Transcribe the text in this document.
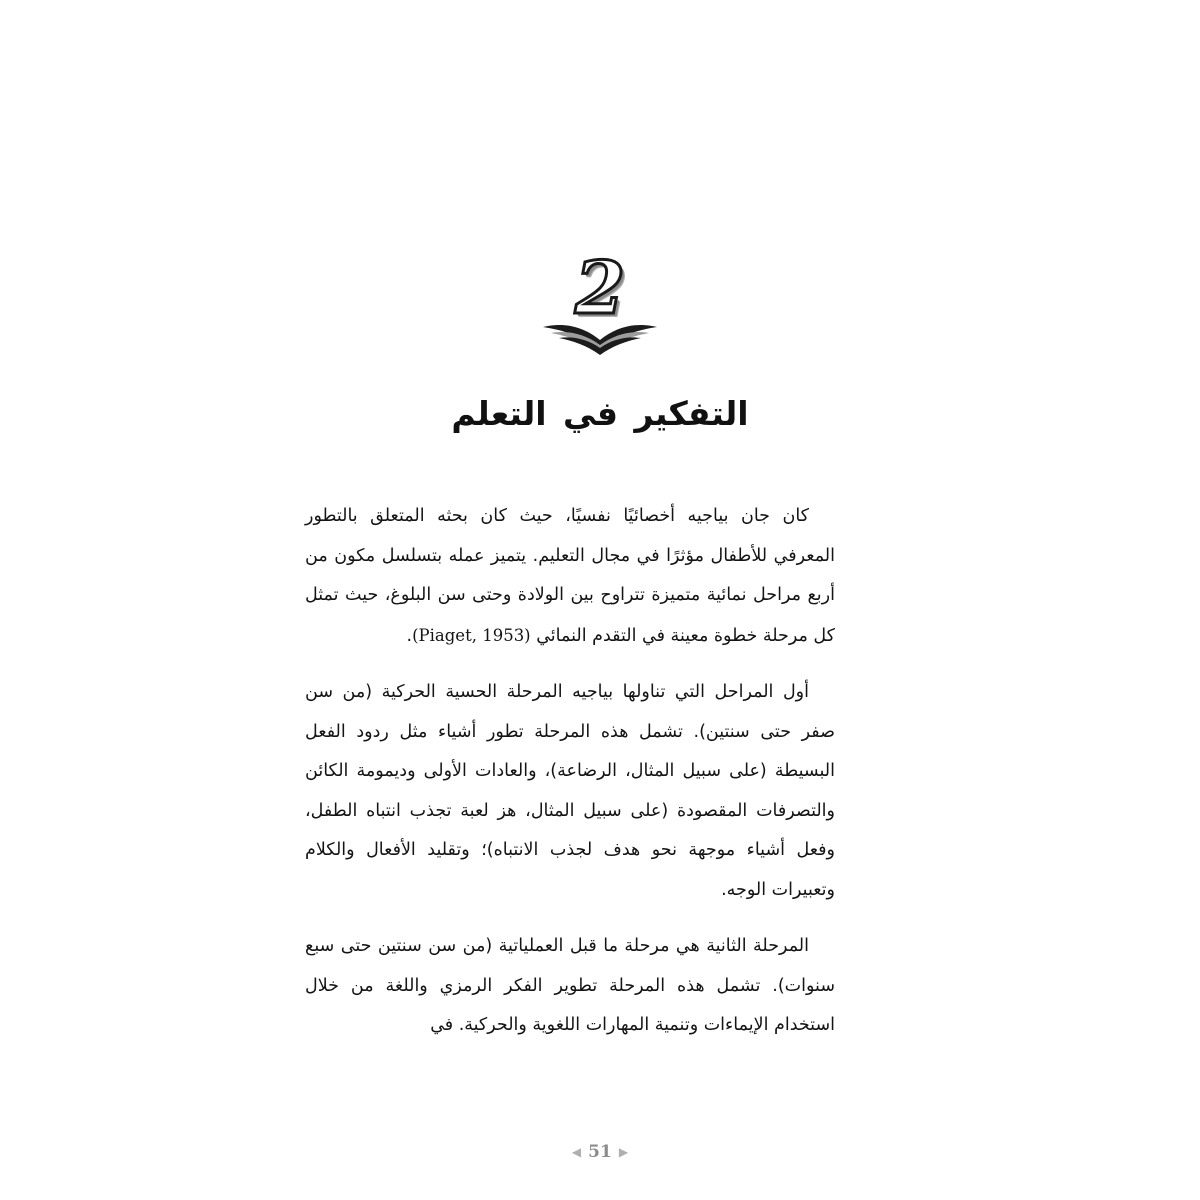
2
التفكير في التعلم

كان جان بياجيه أخصائيًا نفسيًا، حيث كان بحثه المتعلق بالتطور المعرفي للأطفال مؤثرًا في مجال التعليم. يتميز عمله بتسلسل مكون من أربع مراحل نمائية متميزة تتراوح بين الولادة وحتى سن البلوغ، حيث تمثل كل مرحلة خطوة معينة في التقدم النمائي (Piaget, 1953).

أول المراحل التي تناولها بياجيه المرحلة الحسية الحركية (من سن صفر حتى سنتين). تشمل هذه المرحلة تطور أشياء مثل ردود الفعل البسيطة (على سبيل المثال، الرضاعة)، والعادات الأولى وديمومة الكائن والتصرفات المقصودة (على سبيل المثال، هز لعبة تجذب انتباه الطفل، وفعل أشياء موجهة نحو هدف لجذب الانتباه)؛ وتقليد الأفعال والكلام وتعبيرات الوجه.

المرحلة الثانية هي مرحلة ما قبل العملياتية (من سن سنتين حتى سبع سنوات). تشمل هذه المرحلة تطوير الفكر الرمزي واللغة من خلال استخدام الإيماءات وتنمية المهارات اللغوية والحركية. في

◀ 51 ▶
